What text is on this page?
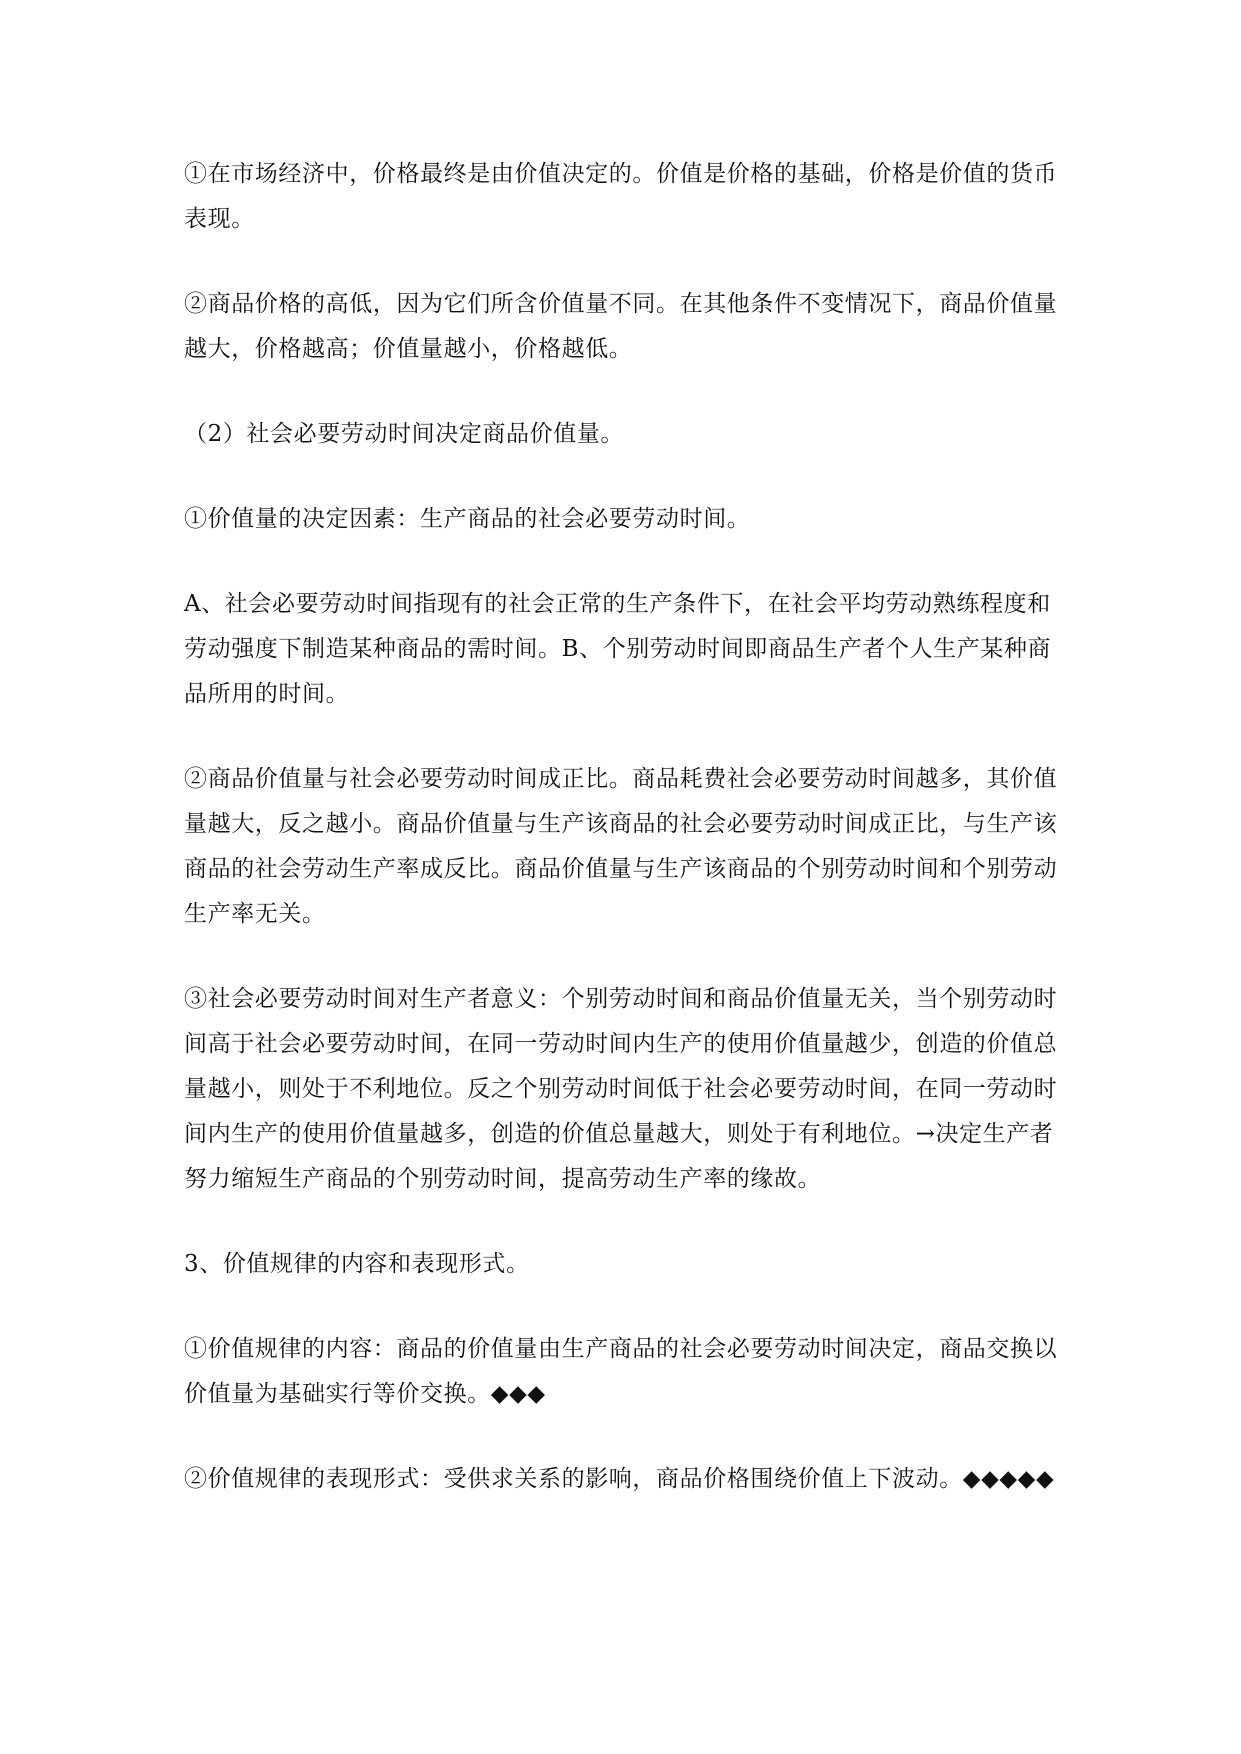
①在市场经济中，价格最终是由价值决定的。价值是价格的基础，价格是价值的货币表现。

②商品价格的高低，因为它们所含价值量不同。在其他条件不变情况下，商品价值量越大，价格越高；价值量越小，价格越低。

（2）社会必要劳动时间决定商品价值量。

①价值量的决定因素：生产商品的社会必要劳动时间。

A、社会必要劳动时间指现有的社会正常的生产条件下，在社会平均劳动熟练程度和劳动强度下制造某种商品的需时间。B、个别劳动时间即商品生产者个人生产某种商品所用的时间。

②商品价值量与社会必要劳动时间成正比。商品耗费社会必要劳动时间越多，其价值量越大，反之越小。商品价值量与生产该商品的社会必要劳动时间成正比，与生产该商品的社会劳动生产率成反比。商品价值量与生产该商品的个别劳动时间和个别劳动生产率无关。

③社会必要劳动时间对生产者意义：个别劳动时间和商品价值量无关，当个别劳动时间高于社会必要劳动时间，在同一劳动时间内生产的使用价值量越少，创造的价值总量越小，则处于不利地位。反之个别劳动时间低于社会必要劳动时间，在同一劳动时间内生产的使用价值量越多，创造的价值总量越大，则处于有利地位。→决定生产者努力缩短生产商品的个别劳动时间，提高劳动生产率的缘故。

3、价值规律的内容和表现形式。

①价值规律的内容：商品的价值量由生产商品的社会必要劳动时间决定，商品交换以价值量为基础实行等价交换。◆◆◆

②价值规律的表现形式：受供求关系的影响，商品价格围绕价值上下波动。◆◆◆◆◆
